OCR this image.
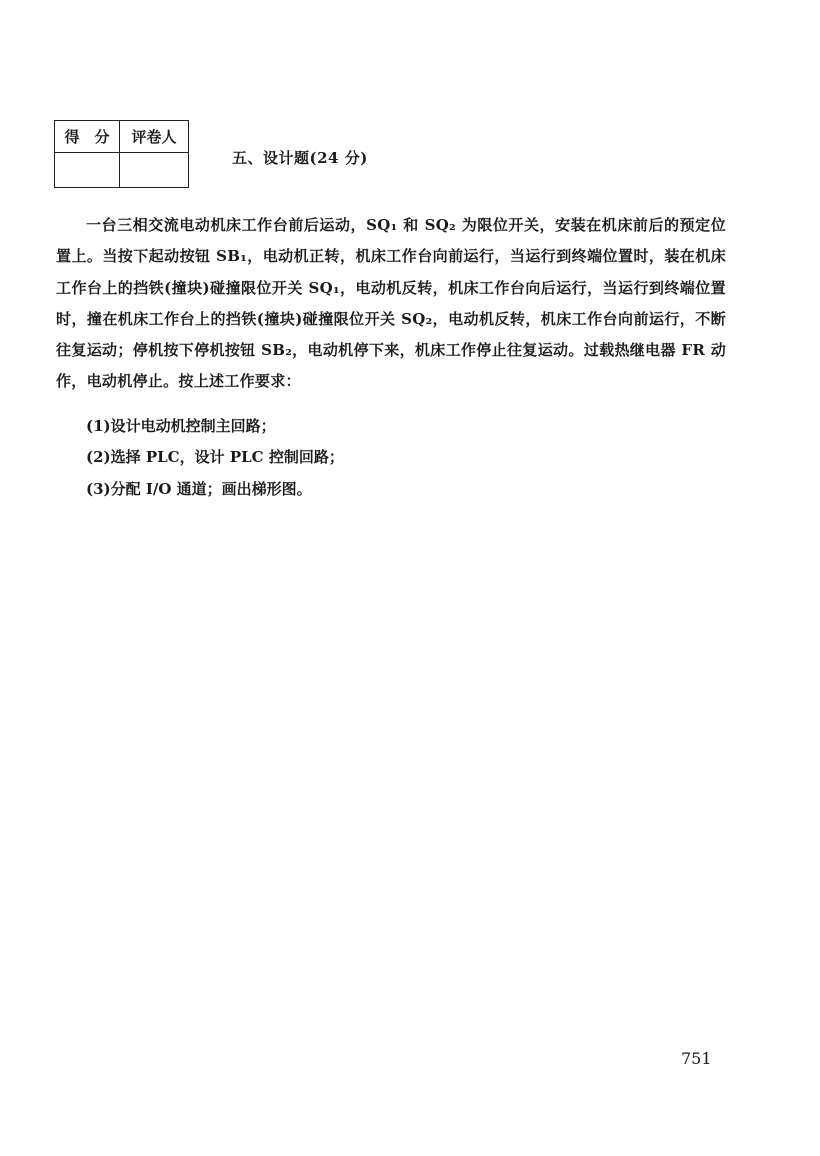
得　分	评卷人

五、设计题(24 分)

一台三相交流电动机床工作台前后运动，SQ₁ 和 SQ₂ 为限位开关，安装在机床前后的预定位置上。当按下起动按钮 SB₁，电动机正转，机床工作台向前运行，当运行到终端位置时，装在机床工作台上的挡铁(撞块)碰撞限位开关 SQ₁，电动机反转，机床工作台向后运行，当运行到终端位置时，撞在机床工作台上的挡铁(撞块)碰撞限位开关 SQ₂，电动机反转，机床工作台向前运行，不断往复运动；停机按下停机按钮 SB₂，电动机停下来，机床工作停止往复运动。过载热继电器 FR 动作，电动机停止。按上述工作要求：

(1)设计电动机控制主回路；
(2)选择 PLC，设计 PLC 控制回路；
(3)分配 I/O 通道；画出梯形图。
751
